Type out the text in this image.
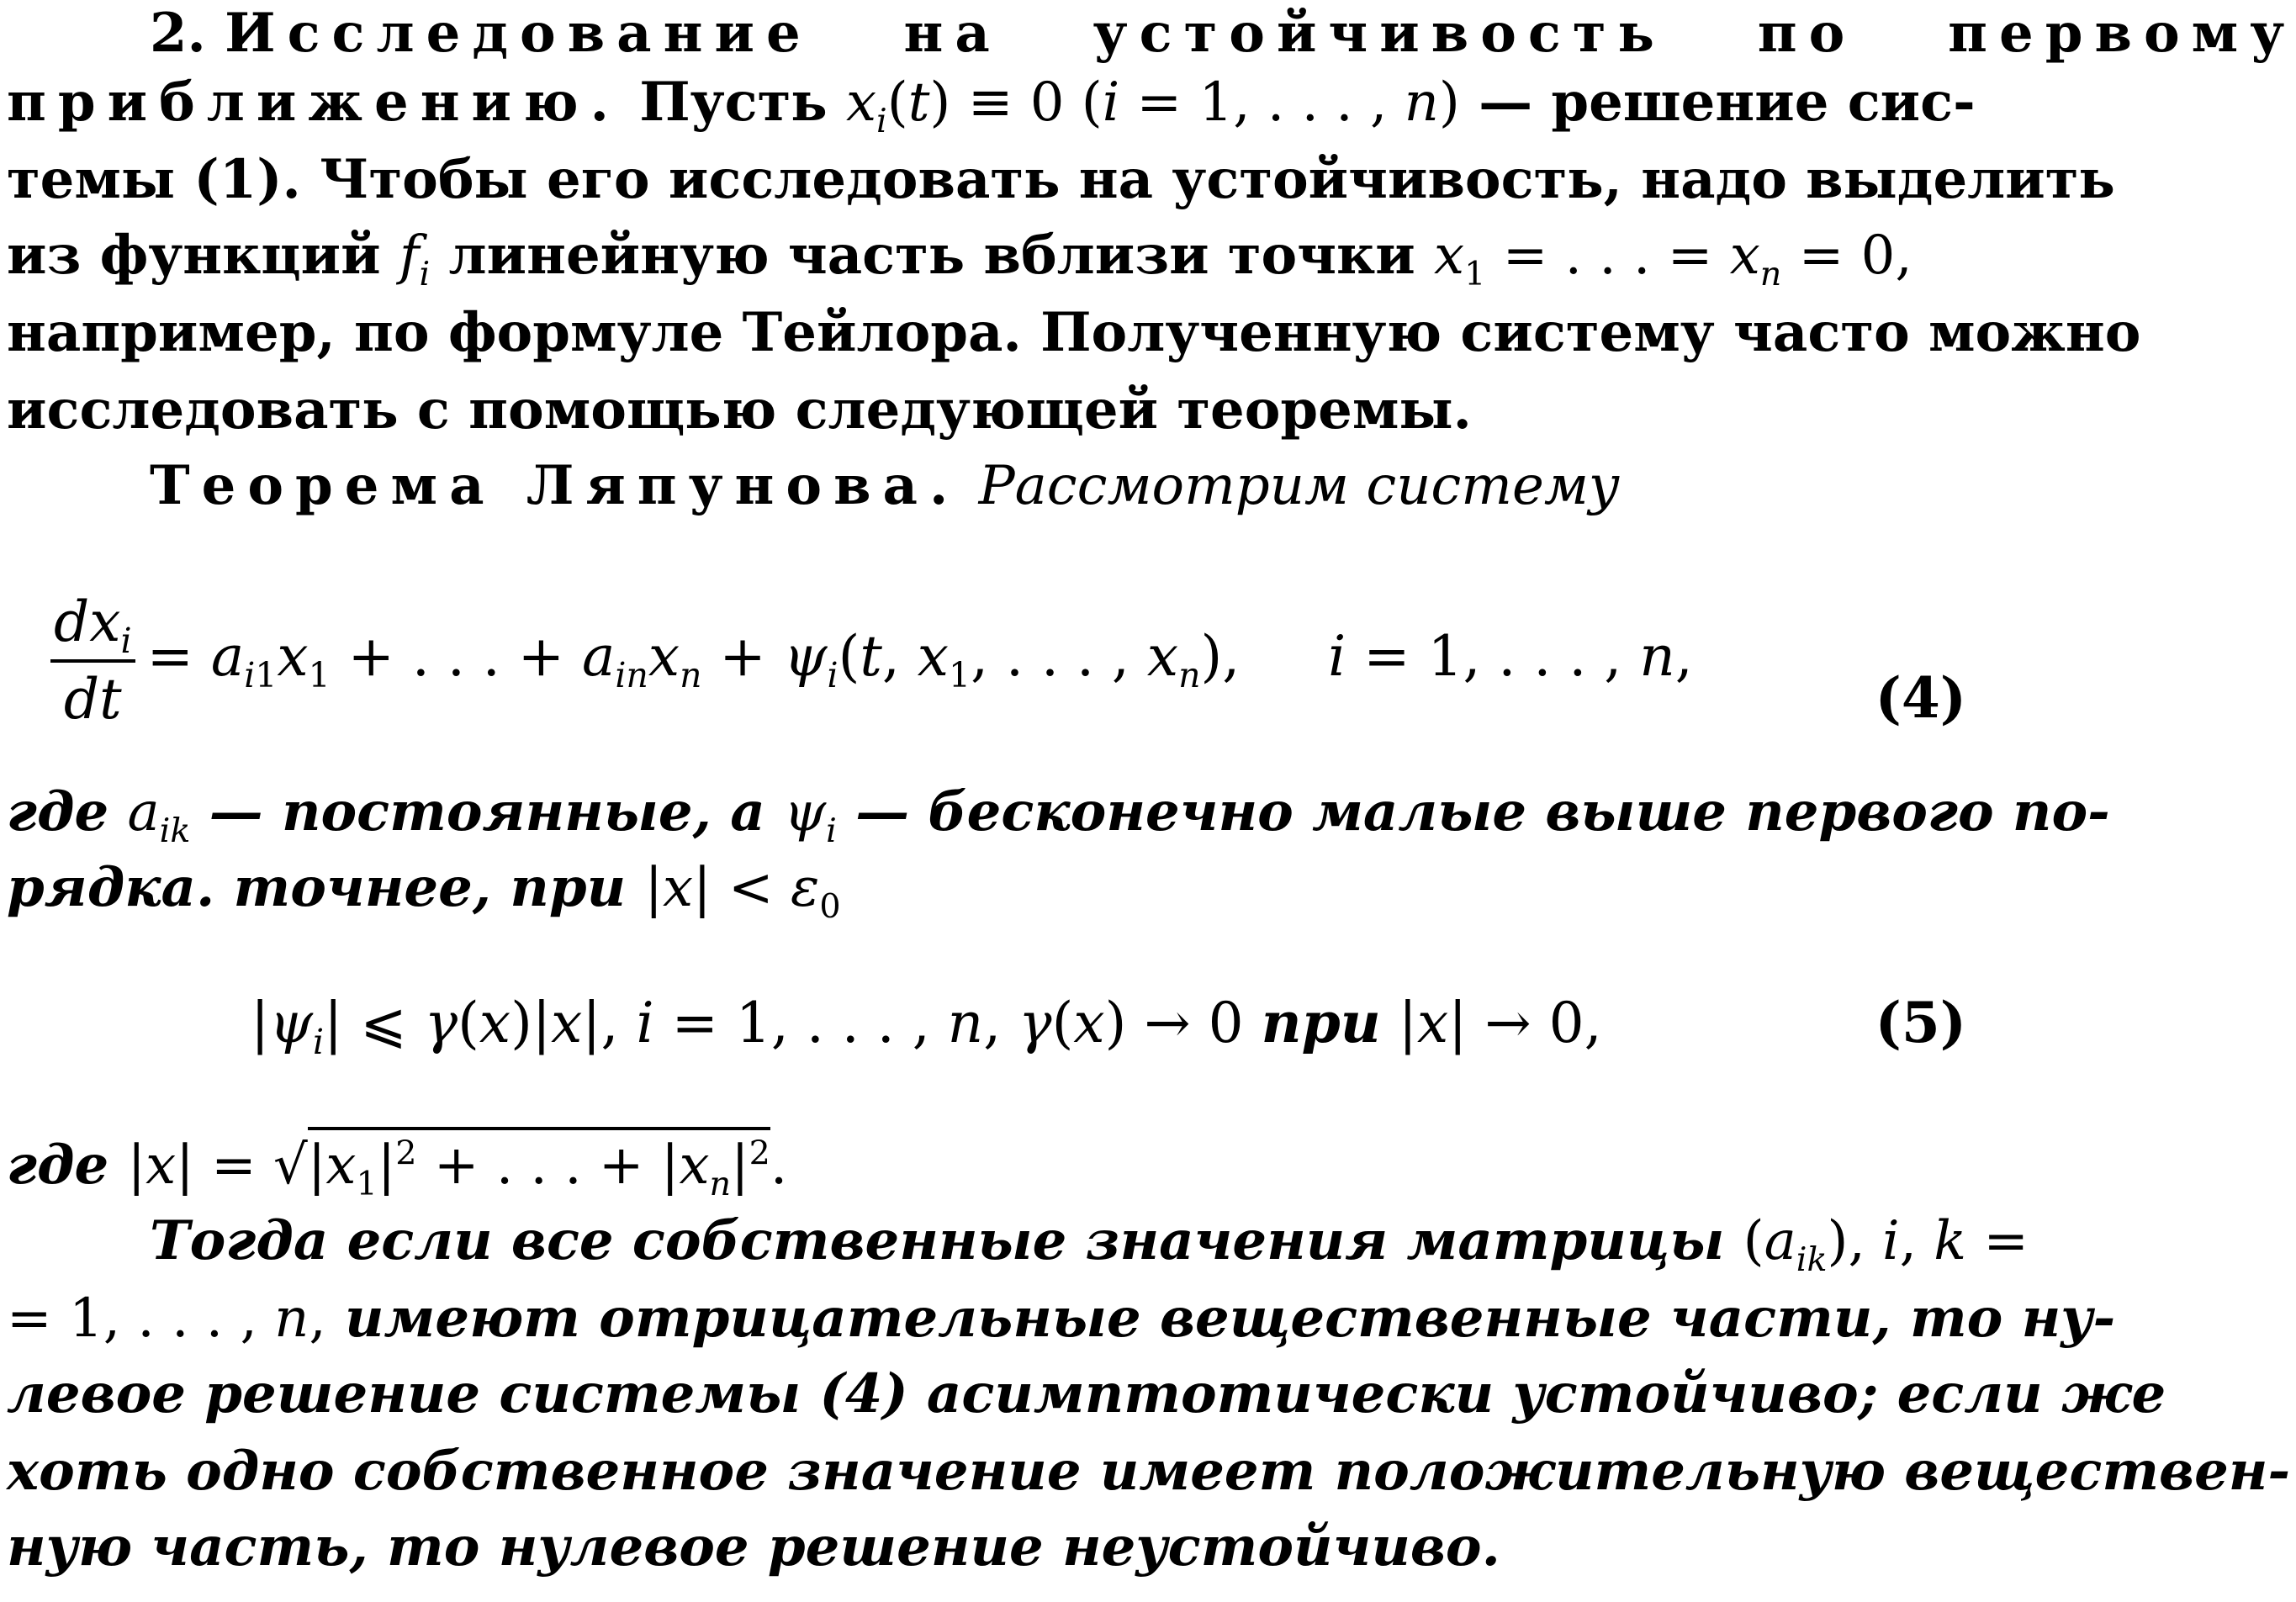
2. Исследование   на   устойчивость   по   первому
приближению. Пусть $x_i(t) \equiv 0$ (i = 1, . . . , n) — решение сис-
темы (1). Чтобы его исследовать на устойчивость, надо выделить
из функций $f_i$ линейную часть вблизи точки $x_1$ = . . . = $x_n = 0$,
например, по формуле Тейлора. Полученную систему часто можно
исследовать с помощью следующей теоремы.
Теорема Ляпунова. Рассмотрим систему
$\frac{dx_i}{dt} = a_{i1}x_1$ + . . . + $a_{in}x_n + \psi_i(t$, $x_1$, . . . , $x_n$),     i = 1, . . . , n,
(4)
где $a_{ik}$ — постоянные, а $\psi_i$ — бесконечно малые выше первого по-
рядка. точнее, при $|x| < \varepsilon_0$
$|\psi_i|$ ⩽ γ(x)|x|, i = 1, . . . , n, γ(x) → 0 при |x| → 0,	(5)
где $|x| = √|x_1|^2$ + . . . + $|x_n|^2$.
Тогда если все собственные значения матрицы $(a_{ik})$, i, k =
= 1, . . . , n, имеют отрицательные вещественные части, то ну-
левое решение системы (4) асимптотически устойчиво; если же
хоть одно собственное значение имеет положительную веществен-
ную часть, то нулевое решение неустойчиво.
